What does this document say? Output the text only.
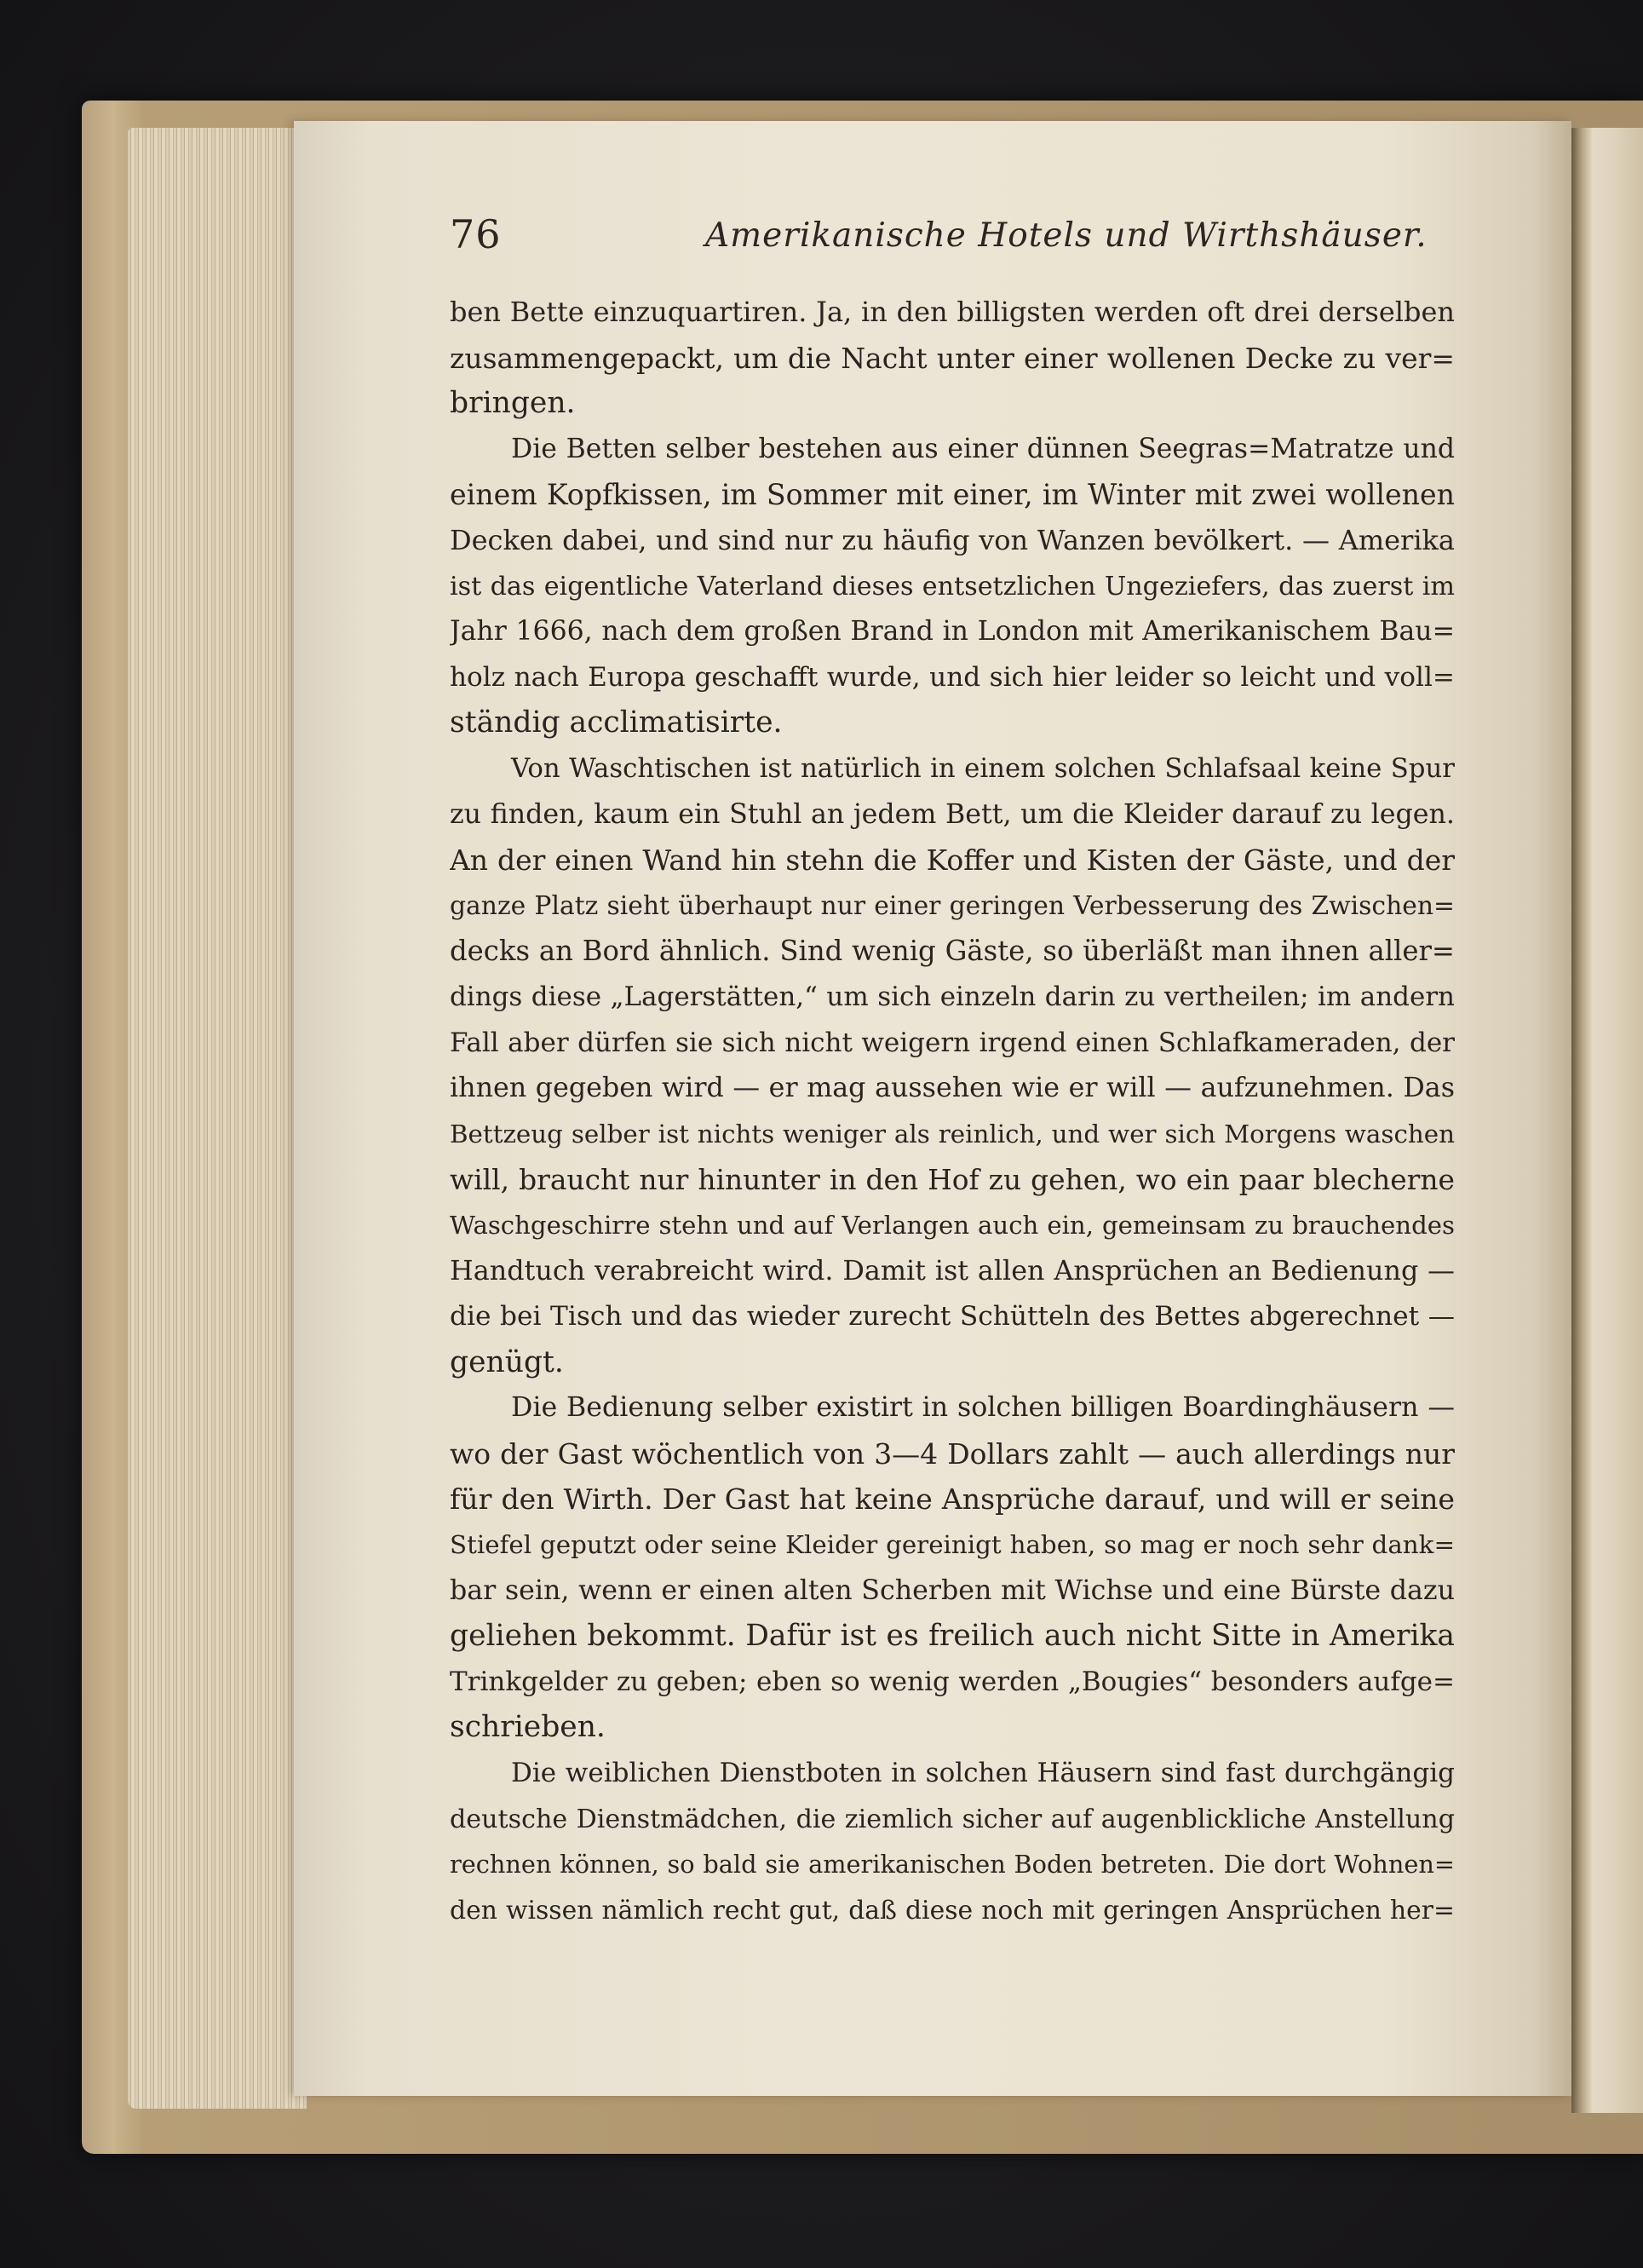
76	Amerikanische Hotels und Wirthshäuser.
ben Bette einzuquartiren. Ja, in den billigsten werden oft drei derselben
zusammengepackt, um die Nacht unter einer wollenen Decke zu ver=
bringen.
Die Betten selber bestehen aus einer dünnen Seegras=Matratze und
einem Kopfkissen, im Sommer mit einer, im Winter mit zwei wollenen
Decken dabei, und sind nur zu häufig von Wanzen bevölkert. — Amerika
ist das eigentliche Vaterland dieses entsetzlichen Ungeziefers, das zuerst im
Jahr 1666, nach dem großen Brand in London mit Amerikanischem Bau=
holz nach Europa geschafft wurde, und sich hier leider so leicht und voll=
ständig acclimatisirte.
Von Waschtischen ist natürlich in einem solchen Schlafsaal keine Spur
zu finden, kaum ein Stuhl an jedem Bett, um die Kleider darauf zu legen.
An der einen Wand hin stehn die Koffer und Kisten der Gäste, und der
ganze Platz sieht überhaupt nur einer geringen Verbesserung des Zwischen=
decks an Bord ähnlich. Sind wenig Gäste, so überläßt man ihnen aller=
dings diese „Lagerstätten,“ um sich einzeln darin zu vertheilen; im andern
Fall aber dürfen sie sich nicht weigern irgend einen Schlafkameraden, der
ihnen gegeben wird — er mag aussehen wie er will — aufzunehmen. Das
Bettzeug selber ist nichts weniger als reinlich, und wer sich Morgens waschen
will, braucht nur hinunter in den Hof zu gehen, wo ein paar blecherne
Waschgeschirre stehn und auf Verlangen auch ein, gemeinsam zu brauchendes
Handtuch verabreicht wird. Damit ist allen Ansprüchen an Bedienung —
die bei Tisch und das wieder zurecht Schütteln des Bettes abgerechnet —
genügt.
Die Bedienung selber existirt in solchen billigen Boardinghäusern —
wo der Gast wöchentlich von 3—4 Dollars zahlt — auch allerdings nur
für den Wirth. Der Gast hat keine Ansprüche darauf, und will er seine
Stiefel geputzt oder seine Kleider gereinigt haben, so mag er noch sehr dank=
bar sein, wenn er einen alten Scherben mit Wichse und eine Bürste dazu
geliehen bekommt. Dafür ist es freilich auch nicht Sitte in Amerika
Trinkgelder zu geben; eben so wenig werden „Bougies“ besonders aufge=
schrieben.
Die weiblichen Dienstboten in solchen Häusern sind fast durchgängig
deutsche Dienstmädchen, die ziemlich sicher auf augenblickliche Anstellung
rechnen können, so bald sie amerikanischen Boden betreten. Die dort Wohnen=
den wissen nämlich recht gut, daß diese noch mit geringen Ansprüchen her=
